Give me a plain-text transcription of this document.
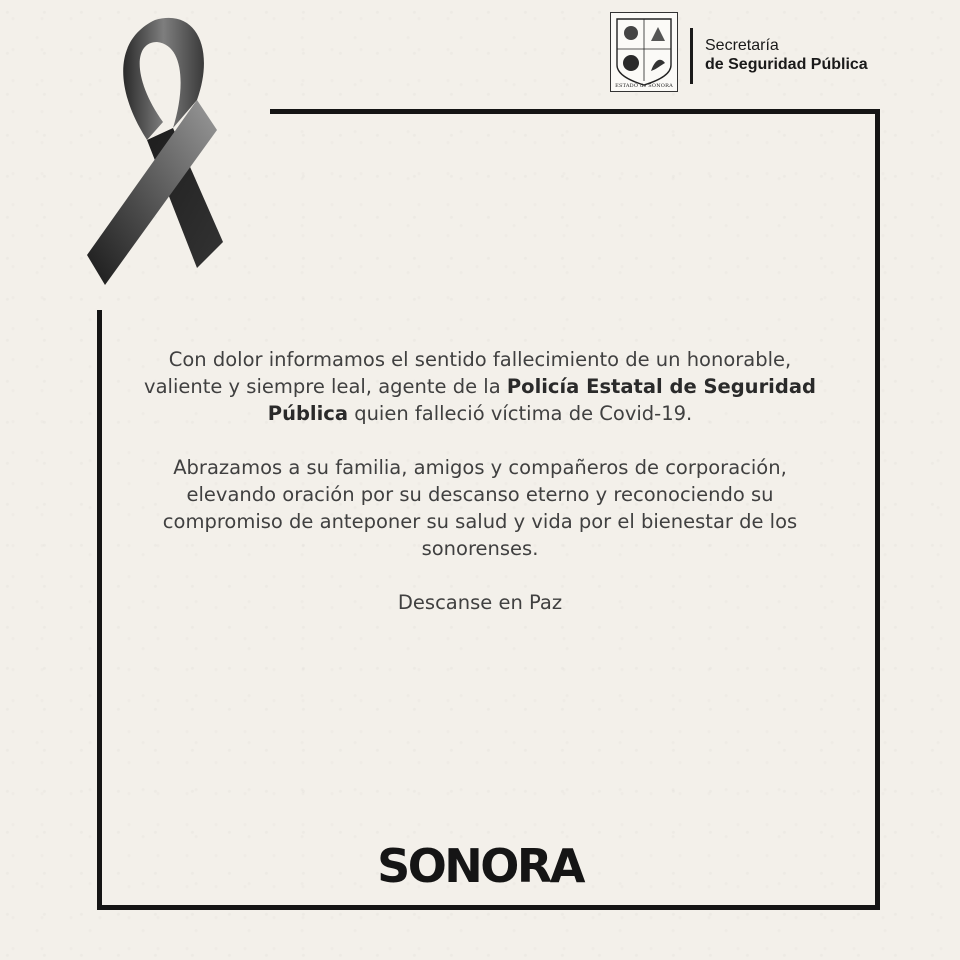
ESTADO de SONORA
Secretaría
de Seguridad Pública

Con dolor informamos el sentido fallecimiento de un honorable, valiente y siempre leal, agente de la Policía Estatal de Seguridad Pública quien falleció víctima de Covid-19.

Abrazamos a su familia, amigos y compañeros de corporación, elevando oración por su descanso eterno y reconociendo su compromiso de anteponer su salud y vida por el bienestar de los sonorenses.

Descanse en Paz

SONORA
